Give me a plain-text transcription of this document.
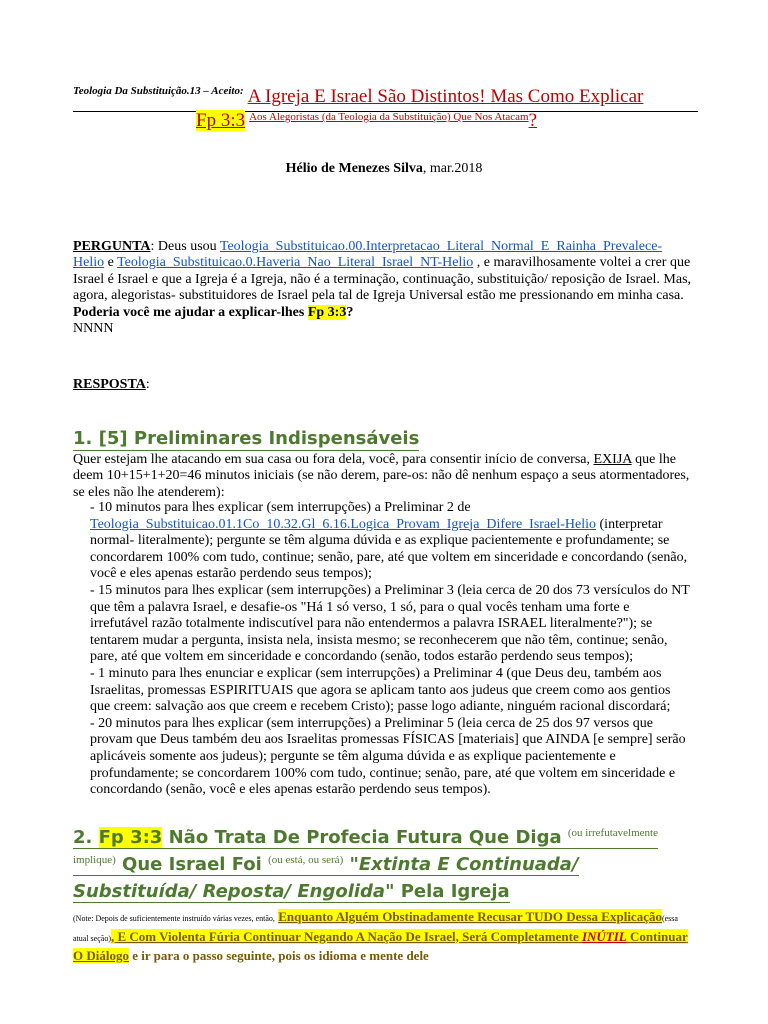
$^{Teologia Da Substituição.13 - Aceito:}$ A Igreja E Israel São Distintos! Mas Como Explicar
Fp 3:3 $^{Aos Alegoristas (da Teologia da Substituição) Que Nos Atacam}$?
Hélio de Menezes Silva, mar.2018
PERGUNTA: Deus usou Teologia_Substituicao.00.Interpretacao_Literal_Normal_E_Rainha_Prevalece-Helio e Teologia_Substituicao.0.Haveria_Nao_Literal_Israel_NT-Helio , e maravilhosamente voltei a crer que Israel é Israel e que a Igreja é a Igreja, não é a terminação, continuação, substituição/ reposição de Israel. Mas, agora, alegoristas- substituidores de Israel pela tal de Igreja Universal estão me pressionando em minha casa. Poderia você me ajudar a explicar-lhes Fp 3:3?
NNNN
RESPOSTA:
1. [5] Preliminares Indispensáveis
Quer estejam lhe atacando em sua casa ou fora dela, você, para consentir início de conversa, EXIJA que lhe deem 10+15+1+20=46 minutos iniciais (se não derem, pare-os: não dê nenhum espaço a seus atormentadores, se eles não lhe atenderem):
- 10 minutos para lhes explicar (sem interrupções) a Preliminar 2 de
Teologia_Substituicao.01.1Co_10.32.Gl_6.16.Logica_Provam_Igreja_Difere_Israel-Helio (interpretar normal- literalmente); pergunte se têm alguma dúvida e as explique pacientemente e profundamente; se concordarem 100% com tudo, continue; senão, pare, até que voltem em sinceridade e concordando (senão, você e eles apenas estarão perdendo seus tempos);
- 15 minutos para lhes explicar (sem interrupções) a Preliminar 3 (leia cerca de 20 dos 73 versículos do NT que têm a palavra Israel, e desafie-os "Há 1 só verso, 1 só, para o qual vocês tenham uma forte e irrefutável razão totalmente indiscutível para não entendermos a palavra ISRAEL literalmente?"); se tentarem mudar a pergunta, insista nela, insista mesmo; se reconhecerem que não têm, continue; senão, pare, até que voltem em sinceridade e concordando (senão, todos estarão perdendo seus tempos);
- 1 minuto para lhes enunciar e explicar (sem interrupções) a Preliminar 4 (que Deus deu, também aos Israelitas, promessas ESPIRITUAIS que agora se aplicam tanto aos judeus que creem como aos gentios que creem: salvação aos que creem e recebem Cristo); passe logo adiante, ninguém racional discordará;
- 20 minutos para lhes explicar (sem interrupções) a Preliminar 5 (leia cerca de 25 dos 97 versos que provam que Deus também deu aos Israelitas promessas FÍSICAS [materiais] que AINDA [e sempre] serão aplicáveis somente aos judeus); pergunte se têm alguma dúvida e as explique pacientemente e profundamente; se concordarem 100% com tudo, continue; senão, pare, até que voltem em sinceridade e concordando (senão, você e eles apenas estarão perdendo seus tempos).
2. Fp 3:3 Não Trata De Profecia Futura Que Diga $^{(ou irrefutavelmente implique)}$ Que Israel Foi $^{(ou está, ou será)}$ "Extinta E Continuada/ Substituída/ Reposta/ Engolida" Pela Igreja
(Note: Depois de suficientemente instruído várias vezes, então, Enquanto Alguém Obstinadamente Recusar TUDO Dessa Explicação(essa atual seção), E Com Violenta Fúria Continuar Negando A Nação De Israel, Será Completamente INÚTIL Continuar O Diálogo e ir para o passo seguinte, pois os idioma e mente dele
